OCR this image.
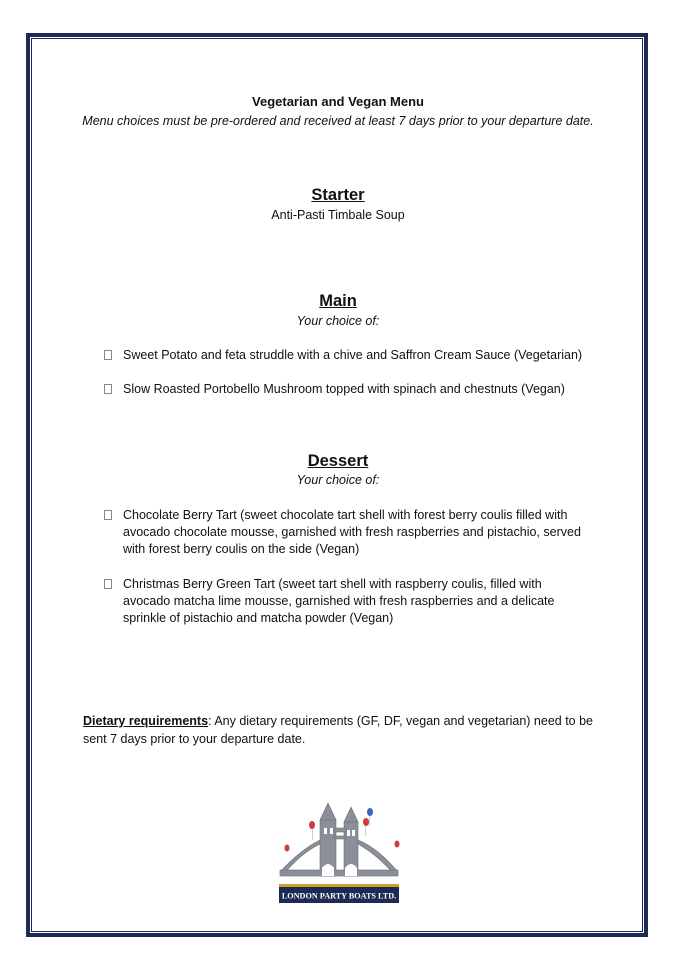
Vegetarian and Vegan Menu
Menu choices must be pre-ordered and received at least 7 days prior to your departure date.
Starter
Anti-Pasti Timbale Soup
Main
Your choice of:
Sweet Potato and feta struddle with a chive and Saffron Cream Sauce (Vegetarian)
Slow Roasted Portobello Mushroom topped with spinach and chestnuts (Vegan)
Dessert
Your choice of:
Chocolate Berry Tart (sweet chocolate tart shell with forest berry coulis filled with
avocado chocolate mousse, garnished with fresh raspberries and pistachio, served
with forest berry coulis on the side (Vegan)
Christmas Berry Green Tart (sweet tart shell with raspberry coulis, filled with
avocado matcha lime mousse, garnished with fresh raspberries and a delicate
sprinkle of pistachio and matcha powder (Vegan)
Dietary requirements: Any dietary requirements (GF, DF, vegan and vegetarian) need to be
sent 7 days prior to your departure date.
LONDON PARTY BOATS LTD.
